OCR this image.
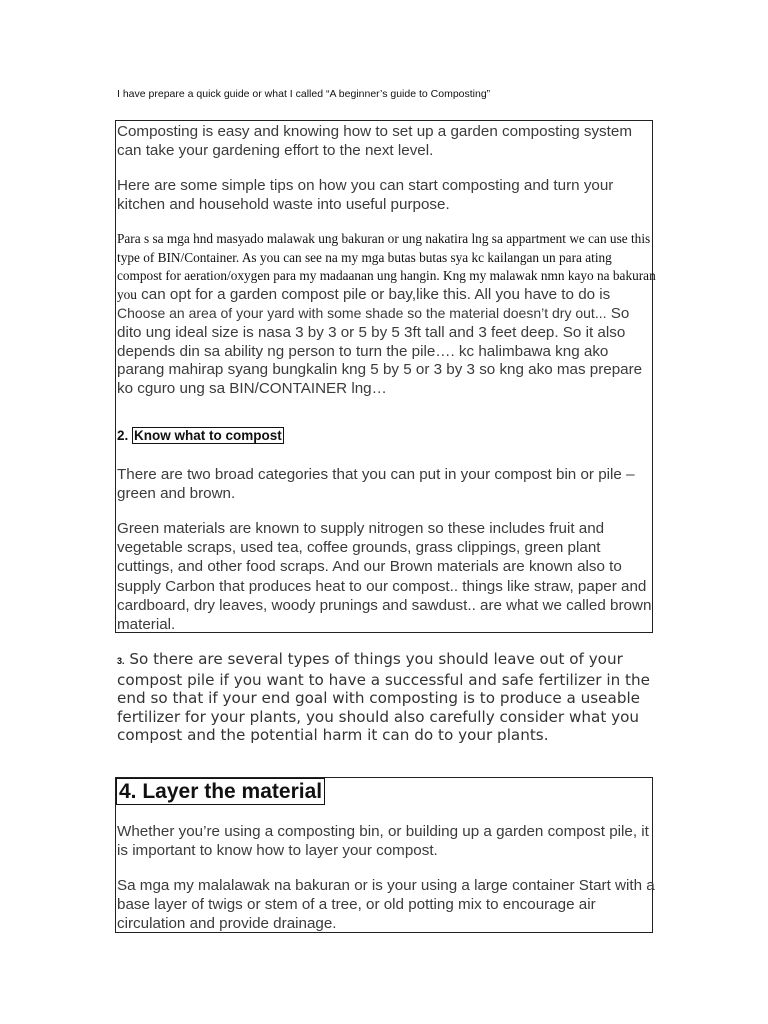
I have prepare a quick guide or what I called “A beginner’s guide to Composting”

Composting is easy and knowing how to set up a garden composting system can take your gardening effort to the next level.

Here are some simple tips on how you can start composting and turn your kitchen and household waste into useful purpose.

Para s sa mga hnd masyado malawak ung bakuran or ung nakatira lng sa appartment we can use this type of BIN/Container. As you can see na my mga butas butas sya kc kailangan un para ating compost for aeration/oxygen para my madaanan ung hangin. Kng my malawak nmn kayo na bakuran you can opt for a garden compost pile or bay,like this. All you have to do is Choose an area of your yard with some shade so the material doesn’t dry out... So dito ung ideal size is nasa 3 by 3 or 5 by 5 3ft tall and 3 feet deep. So it also depends din sa ability ng person to turn the pile…. kc halimbawa kng ako parang mahirap syang bungkalin kng 5 by 5 or 3 by 3 so kng ako mas prepare ko cguro ung sa BIN/CONTAINER lng…

2. Know what to compost

There are two broad categories that you can put in your compost bin or pile – green and brown.

Green materials are known to supply nitrogen so these includes fruit and vegetable scraps, used tea, coffee grounds, grass clippings, green plant cuttings, and other food scraps. And our Brown materials are known also to supply Carbon that produces heat to our compost.. things like straw, paper and cardboard, dry leaves, woody prunings and sawdust.. are what we called brown material.

3. So there are several types of things you should leave out of your compost pile if you want to have a successful and safe fertilizer in the end so that if your end goal with composting is to produce a useable fertilizer for your plants, you should also carefully consider what you compost and the potential harm it can do to your plants.

4. Layer the material

Whether you’re using a composting bin, or building up a garden compost pile, it is important to know how to layer your compost.

Sa mga my malalawak na bakuran or is your using a large container Start with a base layer of twigs or stem of a tree, or old potting mix to encourage air circulation and provide drainage.
